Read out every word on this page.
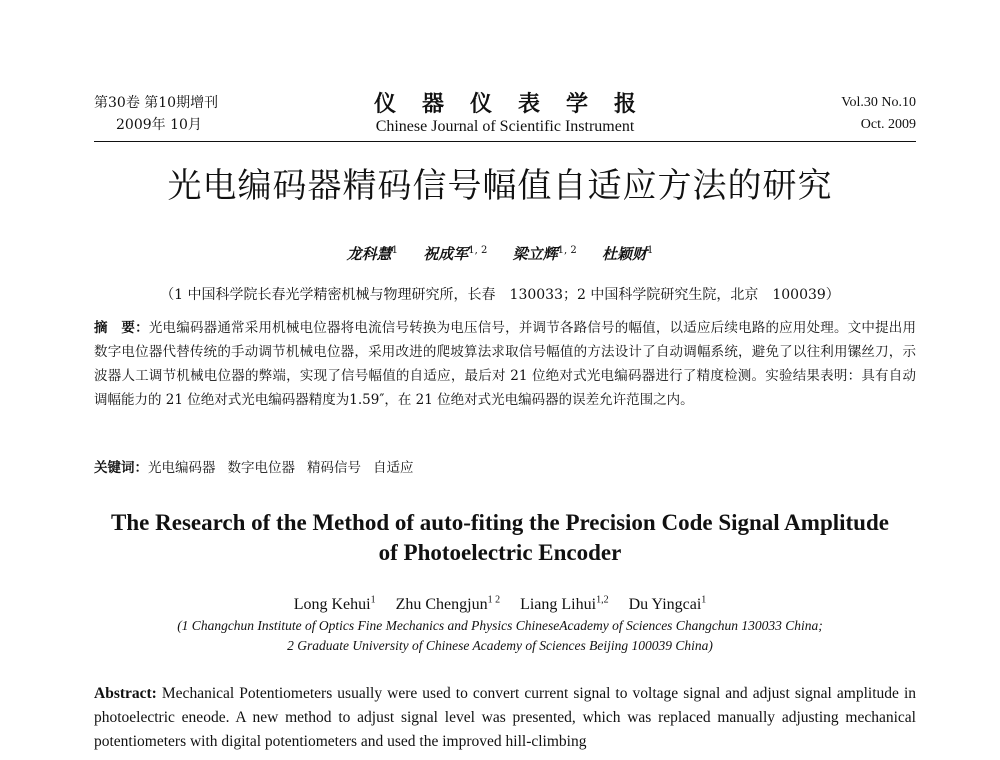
第30卷 第10期增刊
2009年 10月
仪器仪表学报
Chinese Journal of Scientific Instrument
Vol.30 No.10
Oct. 2009
光电编码器精码信号幅值自适应方法的研究
龙科慧$^1$ 祝成军$^{1, 2}$ 梁立辉$^{1, 2}$ 杜颖财$^1$
（1 中国科学院长春光学精密机械与物理研究所，长春　130033；2 中国科学院研究生院，北京　100039）
摘　要：光电编码器通常采用机械电位器将电流信号转换为电压信号，并调节各路信号的幅值，以适应后续电路的应用处理。文中提出用数字电位器代替传统的手动调节机械电位器，采用改进的爬坡算法求取信号幅值的方法设计了自动调幅系统，避免了以往利用镙丝刀，示波器人工调节机械电位器的弊端，实现了信号幅值的自适应，最后对 21 位绝对式光电编码器进行了精度检测。实验结果表明：具有自动调幅能力的 21 位绝对式光电编码器精度为1.59″，在 21 位绝对式光电编码器的误差允许范围之内。
关键词：光电编码器 数字电位器 精码信号 自适应
The Research of the Method of auto-fiting the Precision Code Signal Amplitude
of Photoelectric Encoder
Long Kehui$^1$ Zhu Chengjun$^{1 2}$ Liang Lihui$^{1,2}$ Du Yingcai$^1$
(1 Changchun Institute of Optics Fine Mechanics and Physics ChineseAcademy of Sciences Changchun 130033 China;
2 Graduate University of Chinese Academy of Sciences Beijing 100039 China)
Abstract: Mechanical Potentiometers usually were used to convert current signal to voltage signal and adjust signal amplitude in photoelectric eneode. A new method to adjust signal level was presented, which was replaced manually adjusting mechanical potentiometers with digital potentiometers and used the improved hill-climbing
